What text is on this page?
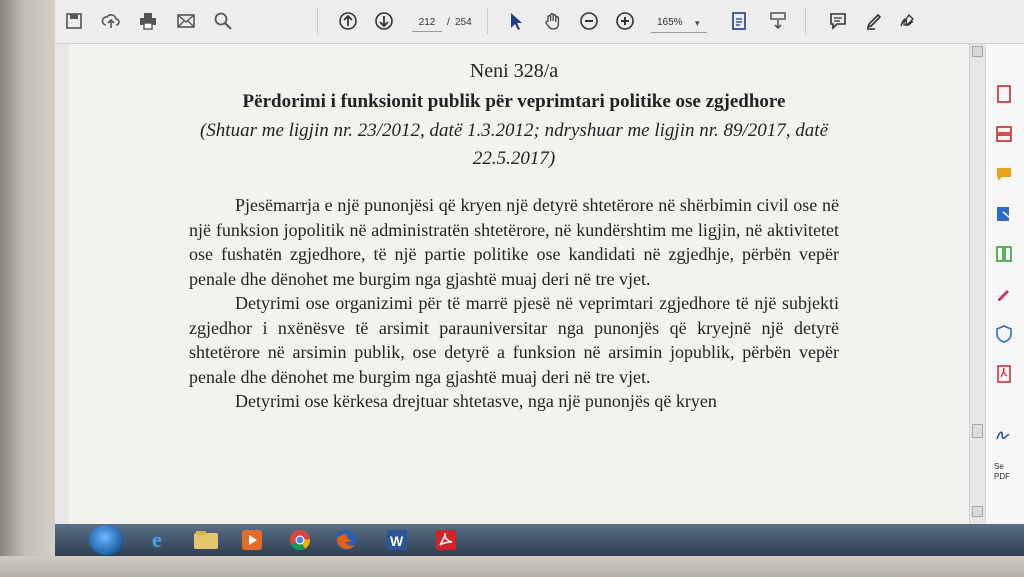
212	/ 254	165%	▾
Neni 328/a
Përdorimi i funksionit publik për veprimtari politike ose zgjedhore
(Shtuar me ligjin nr. 23/2012, datë 1.3.2012; ndryshuar me ligjin nr. 89/2017, datë 22.5.2017)

Pjesëmarrja e një punonjësi që kryen një detyrë shtetërore në shërbimin civil ose në një funksion jopolitik në administratën shtetërore, në kundërshtim me ligjin, në aktivitetet ose fushatën zgjedhore, të një partie politike ose kandidati në zgjedhje, përbën vepër penale dhe dënohet me burgim nga gjashtë muaj deri në tre vjet.

Detyrimi ose organizimi për të marrë pjesë në veprimtari zgjedhore të një subjekti zgjedhor i nxënësve të arsimit parauniversitar nga punonjës që kryejnë një detyrë shtetërore në arsimin publik, ose detyrë a funksion në arsimin jopublik, përbën vepër penale dhe dënohet me burgim nga gjashtë muaj deri në tre vjet.

Detyrimi ose kërkesa drejtuar shtetasve, nga një punonjës që kryen

Se
PDF
e	W
